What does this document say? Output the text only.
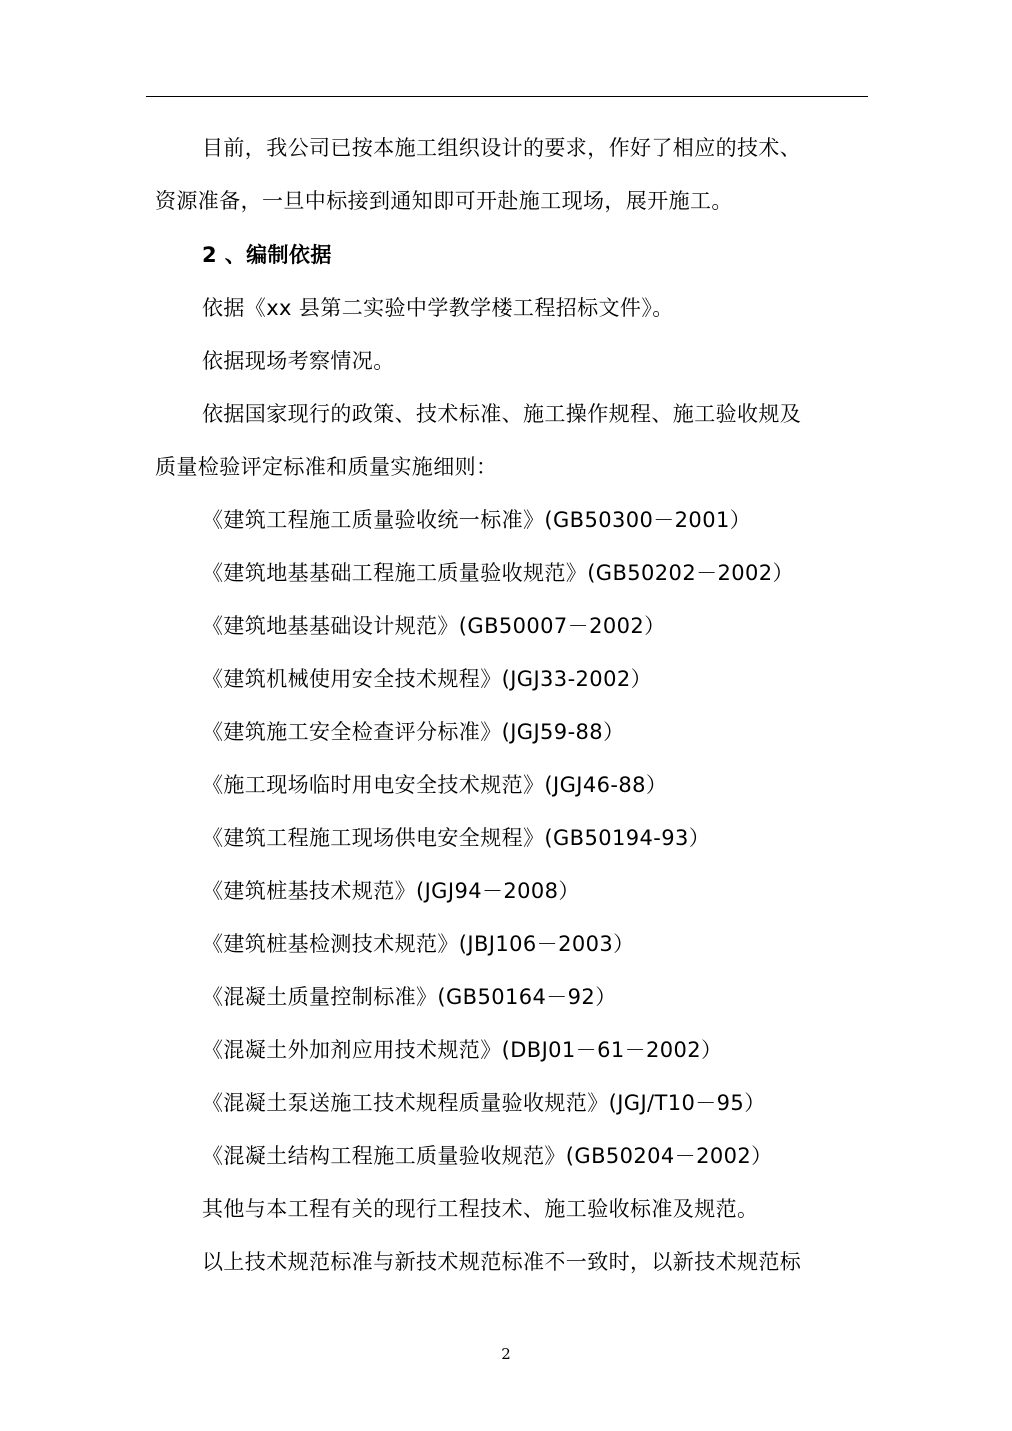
目前，我公司已按本施工组织设计的要求，作好了相应的技术、
资源准备，一旦中标接到通知即可开赴施工现场，展开施工。
2 、编制依据
依据《xx 县第二实验中学教学楼工程招标文件》。
依据现场考察情况。
依据国家现行的政策、技术标准、施工操作规程、施工验收规及
质量检验评定标准和质量实施细则：
《建筑工程施工质量验收统一标准》(GB50300－2001）
《建筑地基基础工程施工质量验收规范》(GB50202－2002）
《建筑地基基础设计规范》(GB50007－2002）
《建筑机械使用安全技术规程》(JGJ33-2002）
《建筑施工安全检查评分标准》(JGJ59-88）
《施工现场临时用电安全技术规范》(JGJ46-88）
《建筑工程施工现场供电安全规程》(GB50194-93）
《建筑桩基技术规范》(JGJ94－2008）
《建筑桩基检测技术规范》(JBJ106－2003）
《混凝土质量控制标准》(GB50164－92）
《混凝土外加剂应用技术规范》(DBJ01－61－2002）
《混凝土泵送施工技术规程质量验收规范》(JGJ/T10－95）
《混凝土结构工程施工质量验收规范》(GB50204－2002）
其他与本工程有关的现行工程技术、施工验收标准及规范。
以上技术规范标准与新技术规范标准不一致时，以新技术规范标
2
